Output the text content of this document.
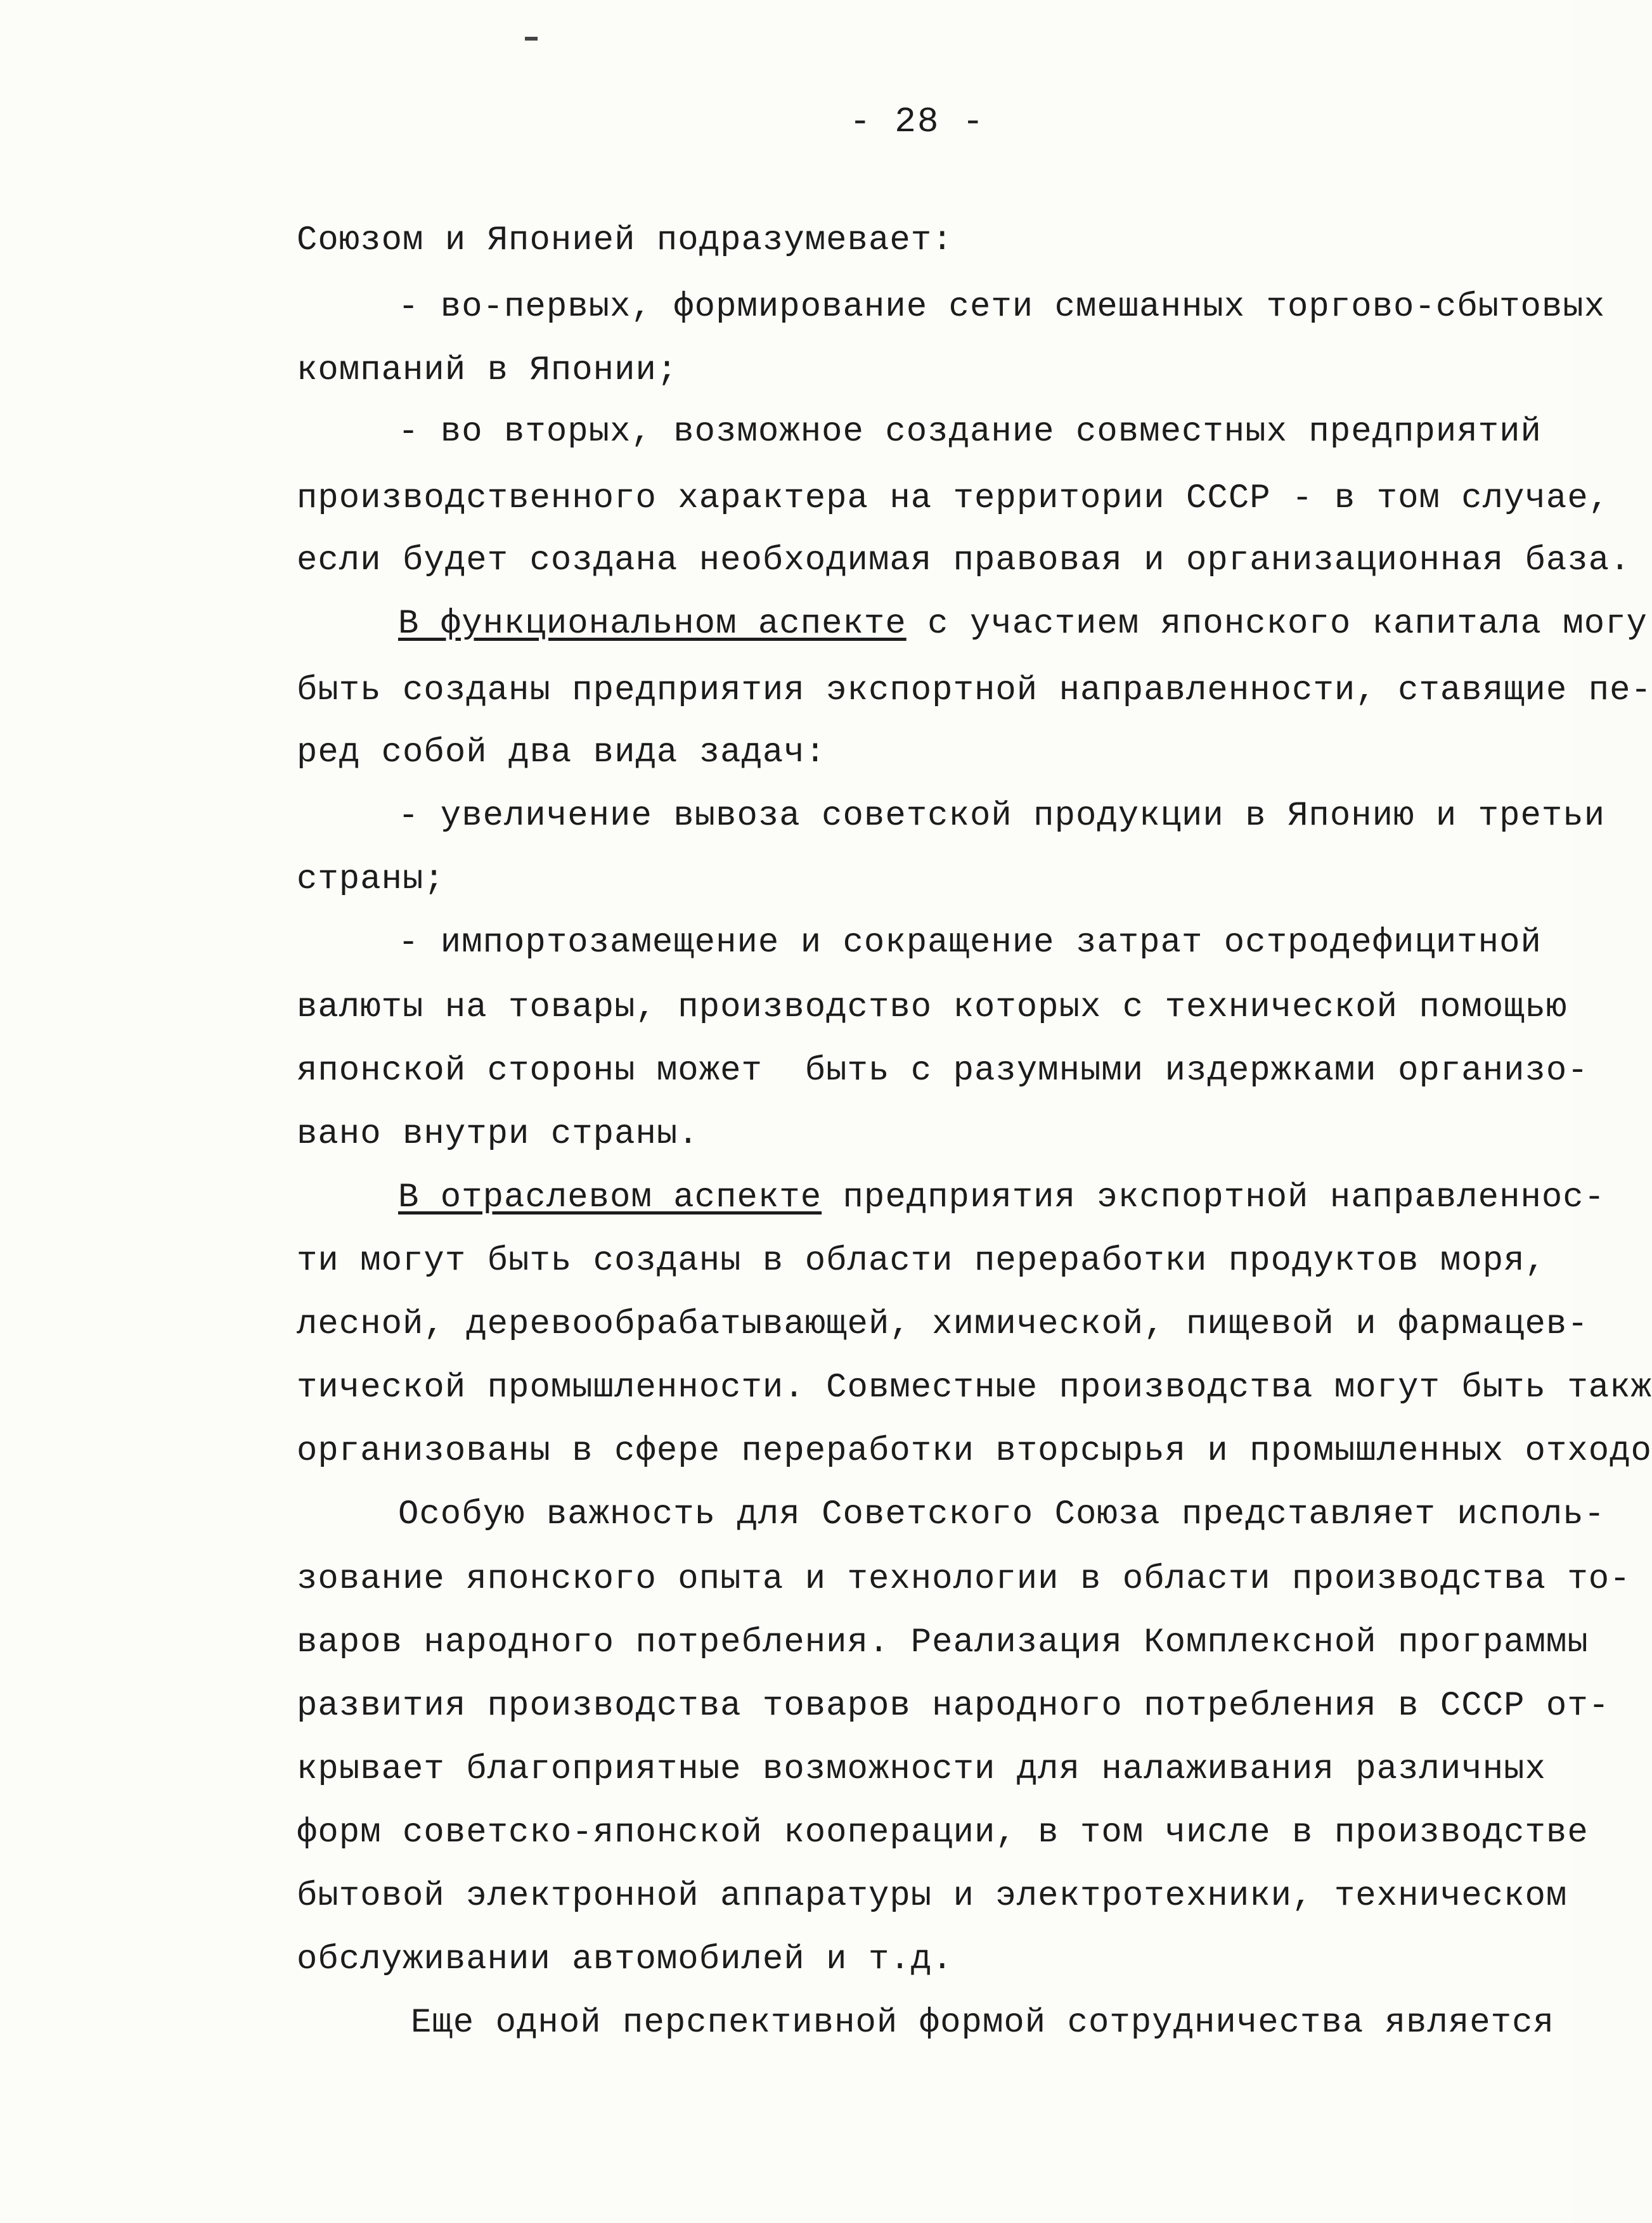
- 28 -
Союзом и Японией подразумевает:
- во-первых, формирование сети смешанных торгово-сбытовых
компаний в Японии;
- во вторых, возможное создание совместных предприятий
производственного характера на территории СССР - в том случае,
если будет создана необходимая правовая и организационная база.
В функциональном аспекте с участием японского капитала могу
быть созданы предприятия экспортной направленности, ставящие пе-
ред собой два вида задач:
- увеличение вывоза советской продукции в Японию и третьи
страны;
- импортозамещение и сокращение затрат остродефицитной
валюты на товары, производство которых с технической помощью
японской стороны может  быть с разумными издержками организо-
вано внутри страны.
В отраслевом аспекте предприятия экспортной направленнос-
ти могут быть созданы в области переработки продуктов моря,
лесной, деревообрабатывающей, химической, пищевой и фармацев-
тической промышленности. Совместные производства могут быть такж
организованы в сфере переработки вторсырья и промышленных отходо
Особую важность для Советского Союза представляет исполь-
зование японского опыта и технологии в области производства то-
варов народного потребления. Реализация Комплексной программы
развития производства товаров народного потребления в СССР от-
крывает благоприятные возможности для налаживания различных
форм советско-японской кооперации, в том числе в производстве
бытовой электронной аппаратуры и электротехники, техническом
обслуживании автомобилей и т.д.
Еще одной перспективной формой сотрудничества является
